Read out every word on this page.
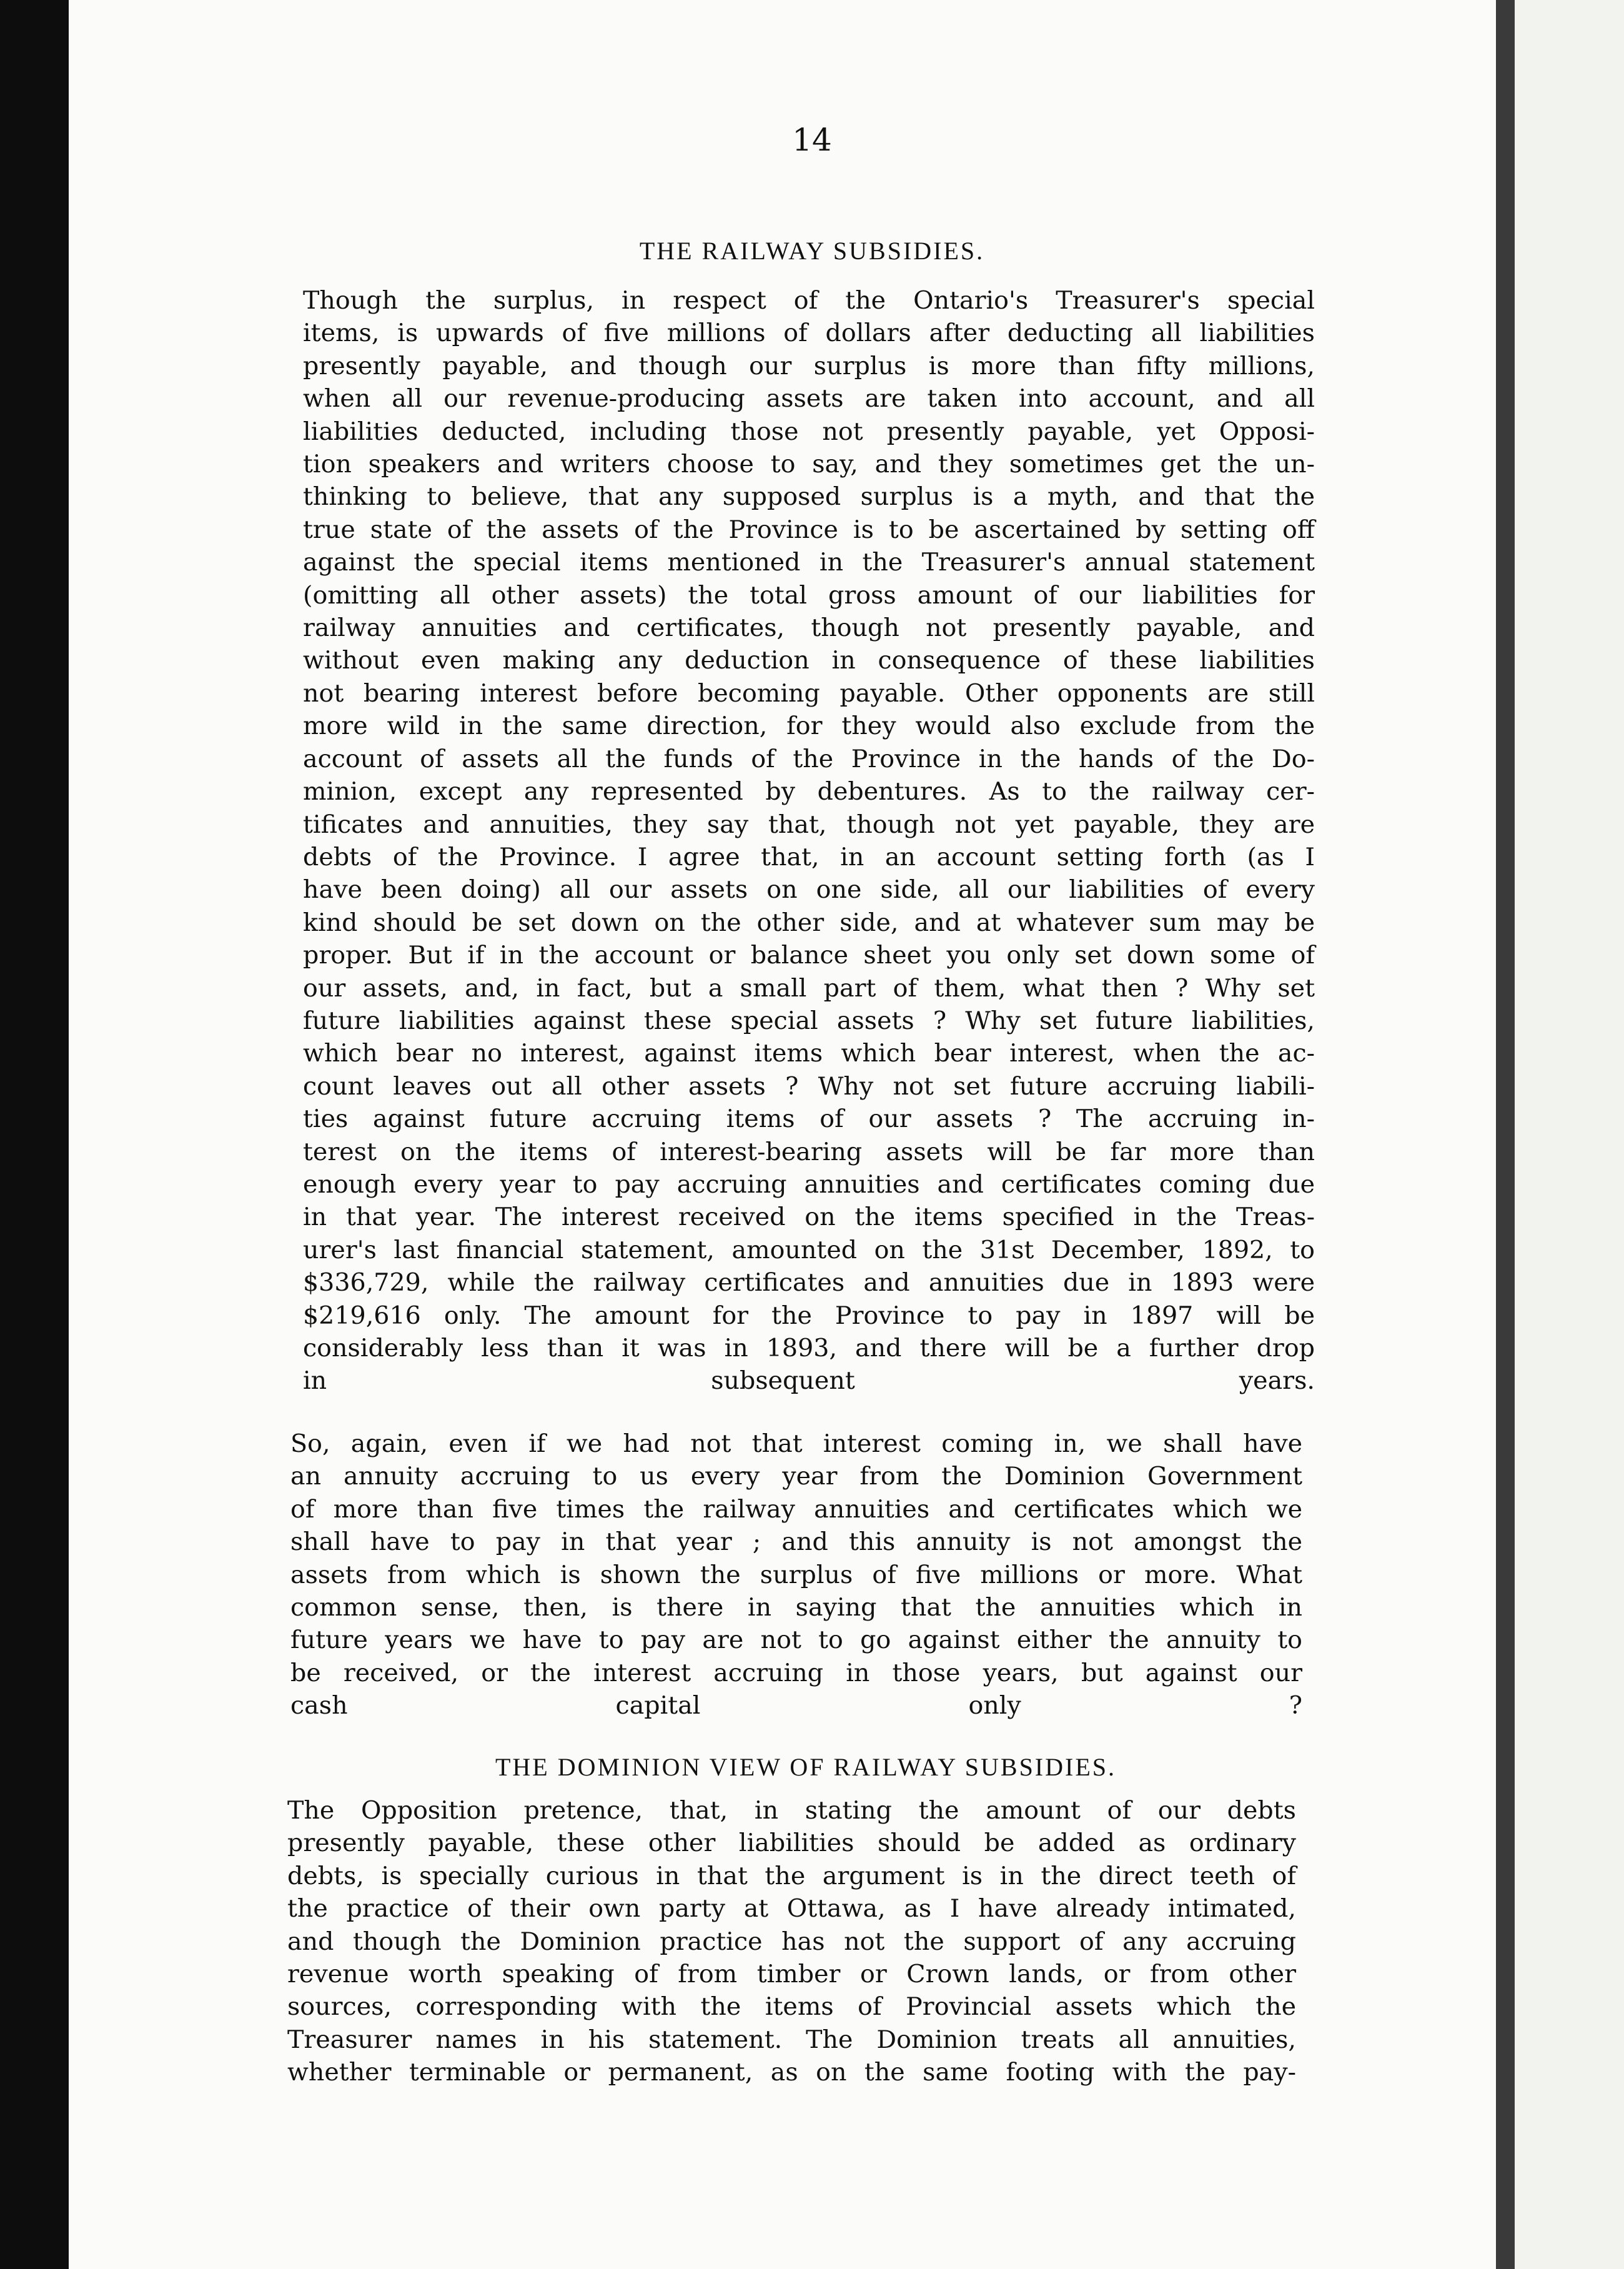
14
THE RAILWAY SUBSIDIES.
Though the surplus, in respect of the Ontario's Treasurer's special
items, is upwards of five millions of dollars after deducting all liabilities
presently payable, and though our surplus is more than fifty millions,
when all our revenue-producing assets are taken into account, and all
liabilities deducted, including those not presently payable, yet Opposi-
tion speakers and writers choose to say, and they sometimes get the un-
thinking to believe, that any supposed surplus is a myth, and that the
true state of the assets of the Province is to be ascertained by setting off
against the special items mentioned in the Treasurer's annual statement
(omitting all other assets) the total gross amount of our liabilities for
railway annuities and certificates, though not presently payable, and
without even making any deduction in consequence of these liabilities
not bearing interest before becoming payable. Other opponents are still
more wild in the same direction, for they would also exclude from the
account of assets all the funds of the Province in the hands of the Do-
minion, except any represented by debentures. As to the railway cer-
tificates and annuities, they say that, though not yet payable, they are
debts of the Province. I agree that, in an account setting forth (as I
have been doing) all our assets on one side, all our liabilities of every
kind should be set down on the other side, and at whatever sum may be
proper. But if in the account or balance sheet you only set down some of
our assets, and, in fact, but a small part of them, what then ? Why set
future liabilities against these special assets ? Why set future liabilities,
which bear no interest, against items which bear interest, when the ac-
count leaves out all other assets ? Why not set future accruing liabili-
ties against future accruing items of our assets ? The accruing in-
terest on the items of interest-bearing assets will be far more than
enough every year to pay accruing annuities and certificates coming due
in that year. The interest received on the items specified in the Treas-
urer's last financial statement, amounted on the 31st December, 1892, to
$336,729, while the railway certificates and annuities due in 1893 were
$219,616 only. The amount for the Province to pay in 1897 will be
considerably less than it was in 1893, and there will be a further drop
in subsequent years.
So, again, even if we had not that interest coming in, we shall have
an annuity accruing to us every year from the Dominion Government
of more than five times the railway annuities and certificates which we
shall have to pay in that year ; and this annuity is not amongst the
assets from which is shown the surplus of five millions or more. What
common sense, then, is there in saying that the annuities which in
future years we have to pay are not to go against either the annuity to
be received, or the interest accruing in those years, but against our
cash capital only ?
THE DOMINION VIEW OF RAILWAY SUBSIDIES.
The Opposition pretence, that, in stating the amount of our debts
presently payable, these other liabilities should be added as ordinary
debts, is specially curious in that the argument is in the direct teeth of
the practice of their own party at Ottawa, as I have already intimated,
and though the Dominion practice has not the support of any accruing
revenue worth speaking of from timber or Crown lands, or from other
sources, corresponding with the items of Provincial assets which the
Treasurer names in his statement. The Dominion treats all annuities,
whether terminable or permanent, as on the same footing with the pay-
